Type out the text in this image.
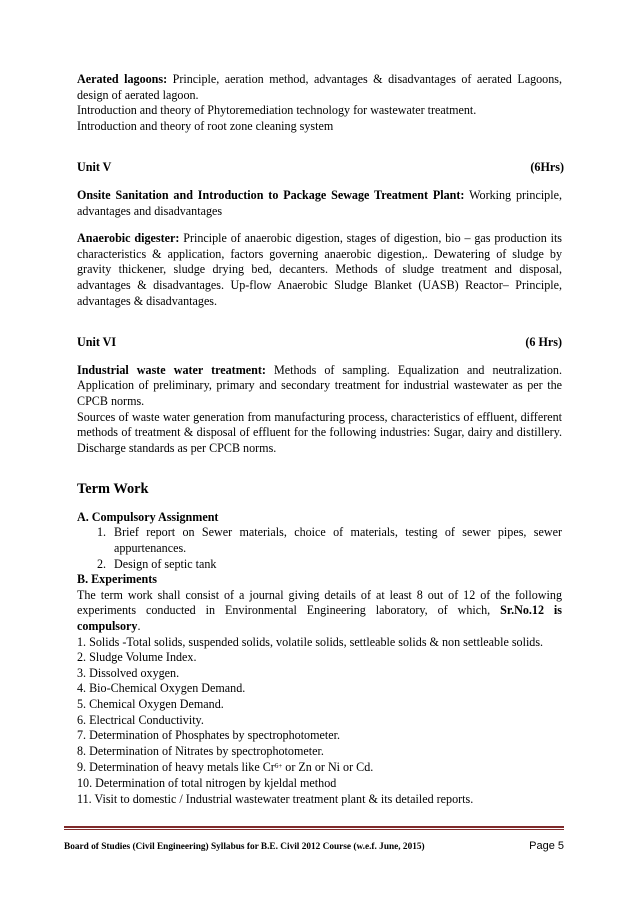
Aerated lagoons: Principle, aeration method, advantages & disadvantages of aerated Lagoons, design of aerated lagoon.

Introduction and theory of Phytoremediation technology for wastewater treatment.

Introduction and theory of root zone cleaning system

Unit V	(6Hrs)

Onsite Sanitation and Introduction to Package Sewage Treatment Plant: Working principle, advantages and disadvantages

Anaerobic digester: Principle of anaerobic digestion, stages of digestion, bio – gas production its characteristics & application, factors governing anaerobic digestion,. Dewatering of sludge by gravity thickener, sludge drying bed, decanters. Methods of sludge treatment and disposal, advantages & disadvantages. Up-flow Anaerobic Sludge Blanket (UASB) Reactor– Principle, advantages & disadvantages.

Unit VI	(6 Hrs)

Industrial waste water treatment: Methods of sampling. Equalization and neutralization. Application of preliminary, primary and secondary treatment for industrial wastewater as per the CPCB norms.

Sources of waste water generation from manufacturing process, characteristics of effluent, different methods of treatment & disposal of effluent for the following industries: Sugar, dairy and distillery. Discharge standards as per CPCB norms.

Term Work

A. Compulsory Assignment

1. Brief report on Sewer materials, choice of materials, testing of sewer pipes, sewer appurtenances.
2. Design of septic tank

B. Experiments

The term work shall consist of a journal giving details of at least 8 out of 12 of the following experiments conducted in Environmental Engineering laboratory, of which, Sr.No.12 is compulsory.

1. Solids -Total solids, suspended solids, volatile solids, settleable solids & non settleable solids.

2. Sludge Volume Index.

3. Dissolved oxygen.

4. Bio-Chemical Oxygen Demand.

5. Chemical Oxygen Demand.

6. Electrical Conductivity.

7. Determination of Phosphates by spectrophotometer.

8. Determination of Nitrates by spectrophotometer.

9. Determination of heavy metals like $Cr^{6+}$ or Zn or Ni or Cd.

10. Determination of total nitrogen by kjeldal method

11. Visit to domestic / Industrial wastewater treatment plant & its detailed reports.

Board of Studies (Civil Engineering) Syllabus for B.E. Civil 2012 Course (w.e.f. June, 2015)	Page 5
